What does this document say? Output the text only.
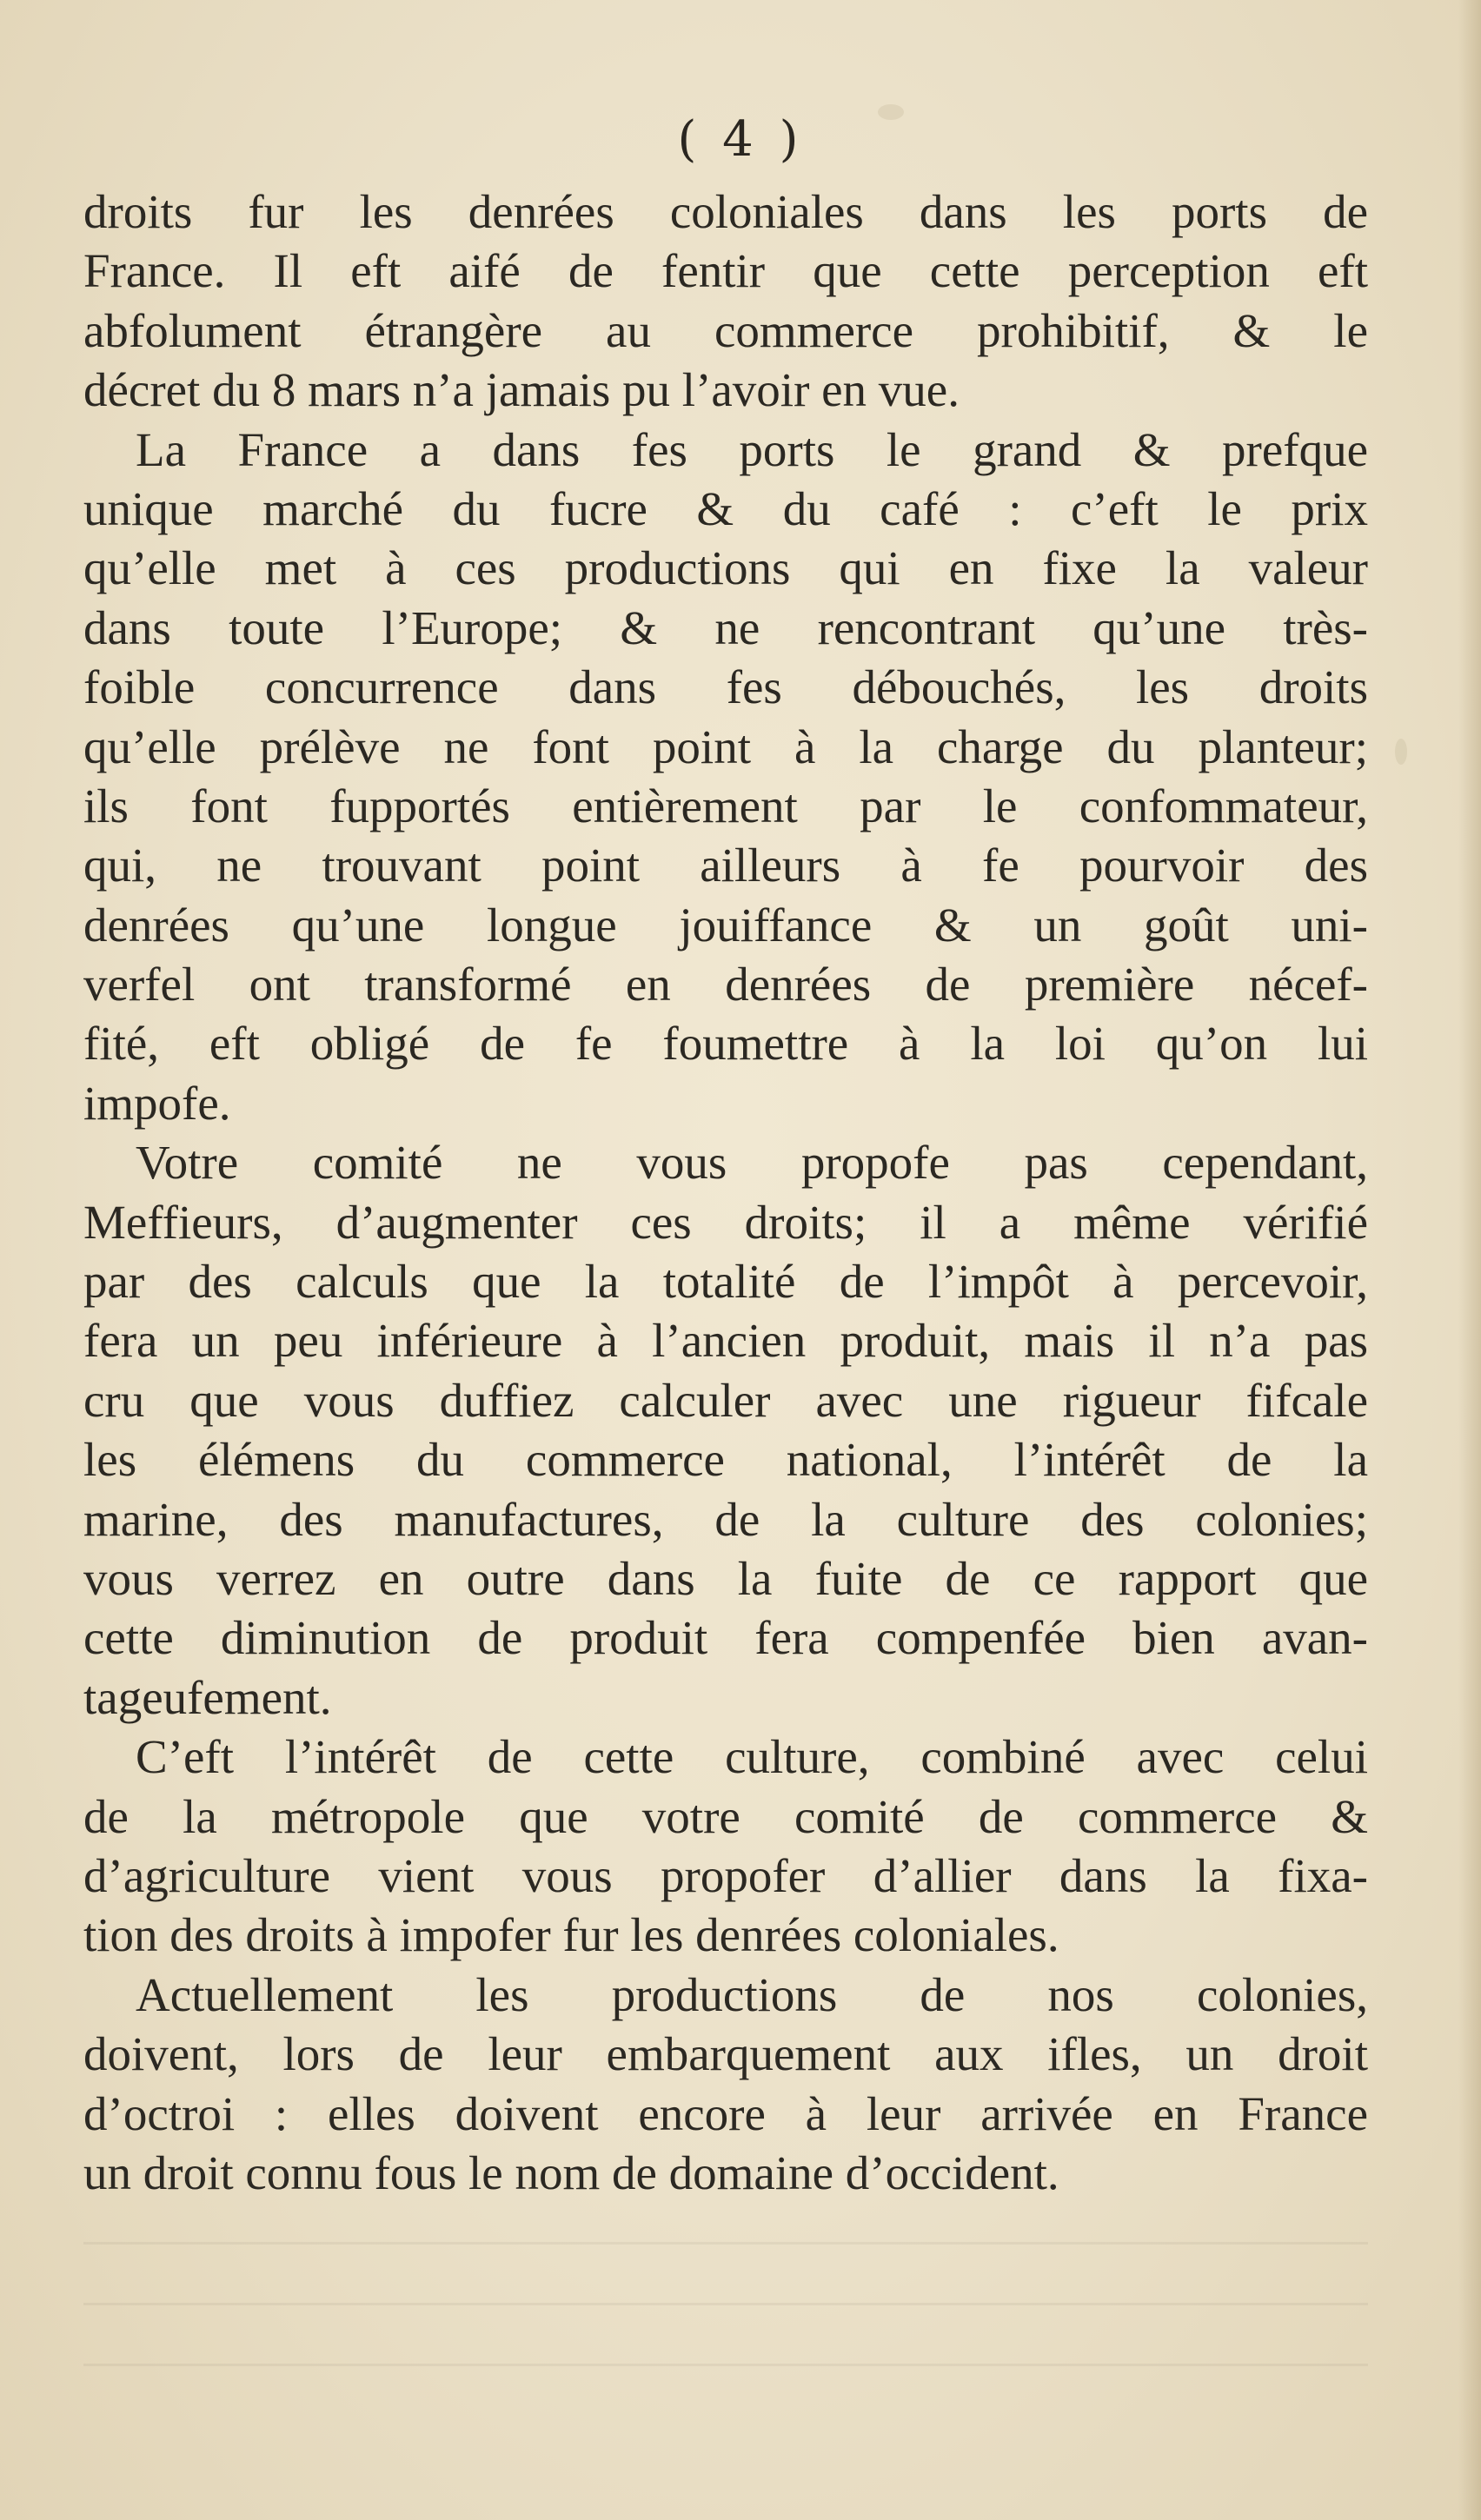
( 4 )
droits fur les denrées coloniales dans les ports de
France. Il eft aifé de fentir que cette perception eft
abfolument étrangère au commerce prohibitif, & le
décret du 8 mars n’a jamais pu l’avoir en vue.
La France a dans fes ports le grand & prefque
unique marché du fucre & du café : c’eft le prix
qu’elle met à ces productions qui en fixe la valeur
dans toute l’Europe; & ne rencontrant qu’une très-
foible concurrence dans fes débouchés, les droits
qu’elle prélève ne font point à la charge du planteur;
ils font fupportés entièrement par le confommateur,
qui, ne trouvant point ailleurs à fe pourvoir des
denrées qu’une longue jouiffance & un goût uni-
verfel ont transformé en denrées de première nécef-
fité, eft obligé de fe foumettre à la loi qu’on lui
impofe.
Votre comité ne vous propofe pas cependant,
Meffieurs, d’augmenter ces droits; il a même vérifié
par des calculs que la totalité de l’impôt à percevoir,
fera un peu inférieure à l’ancien produit, mais il n’a pas
cru que vous duffiez calculer avec une rigueur fifcale
les élémens du commerce national, l’intérêt de la
marine, des manufactures, de la culture des colonies;
vous verrez en outre dans la fuite de ce rapport que
cette diminution de produit fera compenfée bien avan-
tageufement.
C’eft l’intérêt de cette culture, combiné avec celui
de la métropole que votre comité de commerce &
d’agriculture vient vous propofer d’allier dans la fixa-
tion des droits à impofer fur les denrées coloniales.
Actuellement les productions de nos colonies,
doivent, lors de leur embarquement aux ifles, un droit
d’octroi : elles doivent encore à leur arrivée en France
un droit connu fous le nom de domaine d’occident.
